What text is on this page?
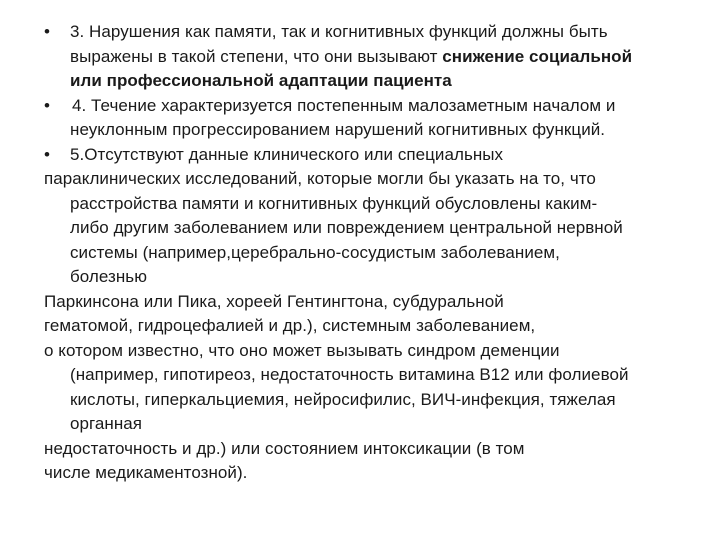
• 3. Нарушения как памяти, так и когнитивных функций должны быть
выражены в такой степени, что они вызывают снижение социальной
или профессиональной адаптации пациента
• 4. Течение характеризуется постепенным малозаметным началом и
неуклонным прогрессированием нарушений когнитивных функций.
• 5.Отсутствуют данные клинического или специальных
параклинических исследований, которые могли бы указать на то, что
расстройства памяти и когнитивных функций обусловлены каким-
либо другим заболеванием или повреждением центральной нервной
системы (например,церебрально-сосудистым заболеванием,
болезнью
Паркинсона или Пика, хореей Гентингтона, субдуральной
гематомой, гидроцефалией и др.), системным заболеванием,
о котором известно, что оно может вызывать синдром деменции
(например, гипотиреоз, недостаточность витамина В12 или фолиевой
кислоты, гиперкальциемия, нейросифилис, ВИЧ-инфекция, тяжелая
органная
недостаточность и др.) или состоянием интоксикации (в том
числе медикаментозной).
